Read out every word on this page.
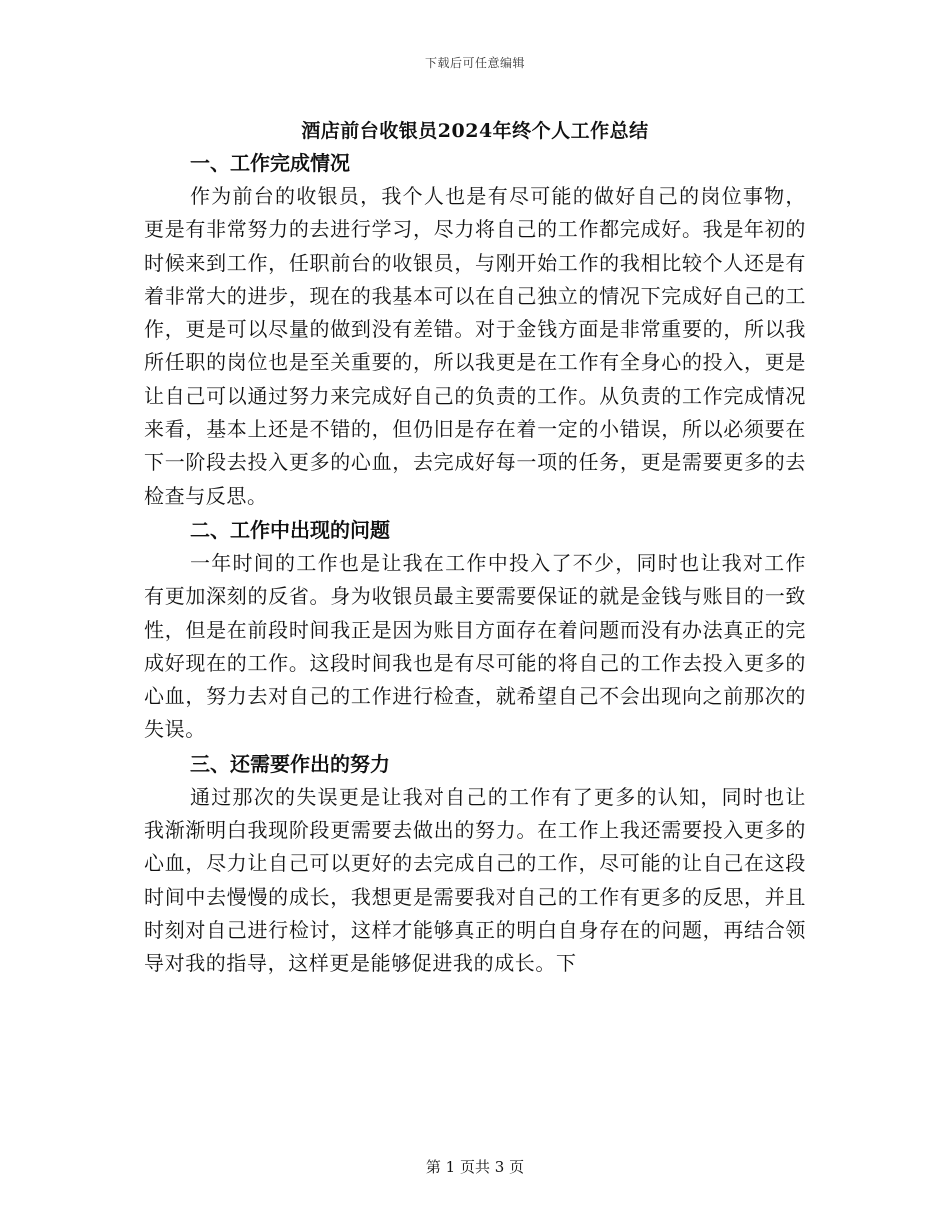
下载后可任意编辑
酒店前台收银员2024年终个人工作总结

一、工作完成情况

作为前台的收银员，我个人也是有尽可能的做好自己的岗位事物，更是有非常努力的去进行学习，尽力将自己的工作都完成好。我是年初的时候来到工作，任职前台的收银员，与刚开始工作的我相比较个人还是有着非常大的进步，现在的我基本可以在自己独立的情况下完成好自己的工作，更是可以尽量的做到没有差错。对于金钱方面是非常重要的，所以我所任职的岗位也是至关重要的，所以我更是在工作有全身心的投入，更是让自己可以通过努力来完成好自己的负责的工作。从负责的工作完成情况来看，基本上还是不错的，但仍旧是存在着一定的小错误，所以必须要在下一阶段去投入更多的心血，去完成好每一项的任务，更是需要更多的去检查与反思。

二、工作中出现的问题

一年时间的工作也是让我在工作中投入了不少，同时也让我对工作有更加深刻的反省。身为收银员最主要需要保证的就是金钱与账目的一致性，但是在前段时间我正是因为账目方面存在着问题而没有办法真正的完成好现在的工作。这段时间我也是有尽可能的将自己的工作去投入更多的心血，努力去对自己的工作进行检查，就希望自己不会出现向之前那次的失误。

三、还需要作出的努力

通过那次的失误更是让我对自己的工作有了更多的认知，同时也让我渐渐明白我现阶段更需要去做出的努力。在工作上我还需要投入更多的心血，尽力让自己可以更好的去完成自己的工作，尽可能的让自己在这段时间中去慢慢的成长，我想更是需要我对自己的工作有更多的反思，并且时刻对自己进行检讨，这样才能够真正的明白自身存在的问题，再结合领导对我的指导，这样更是能够促进我的成长。下

第 1 页共 3 页
